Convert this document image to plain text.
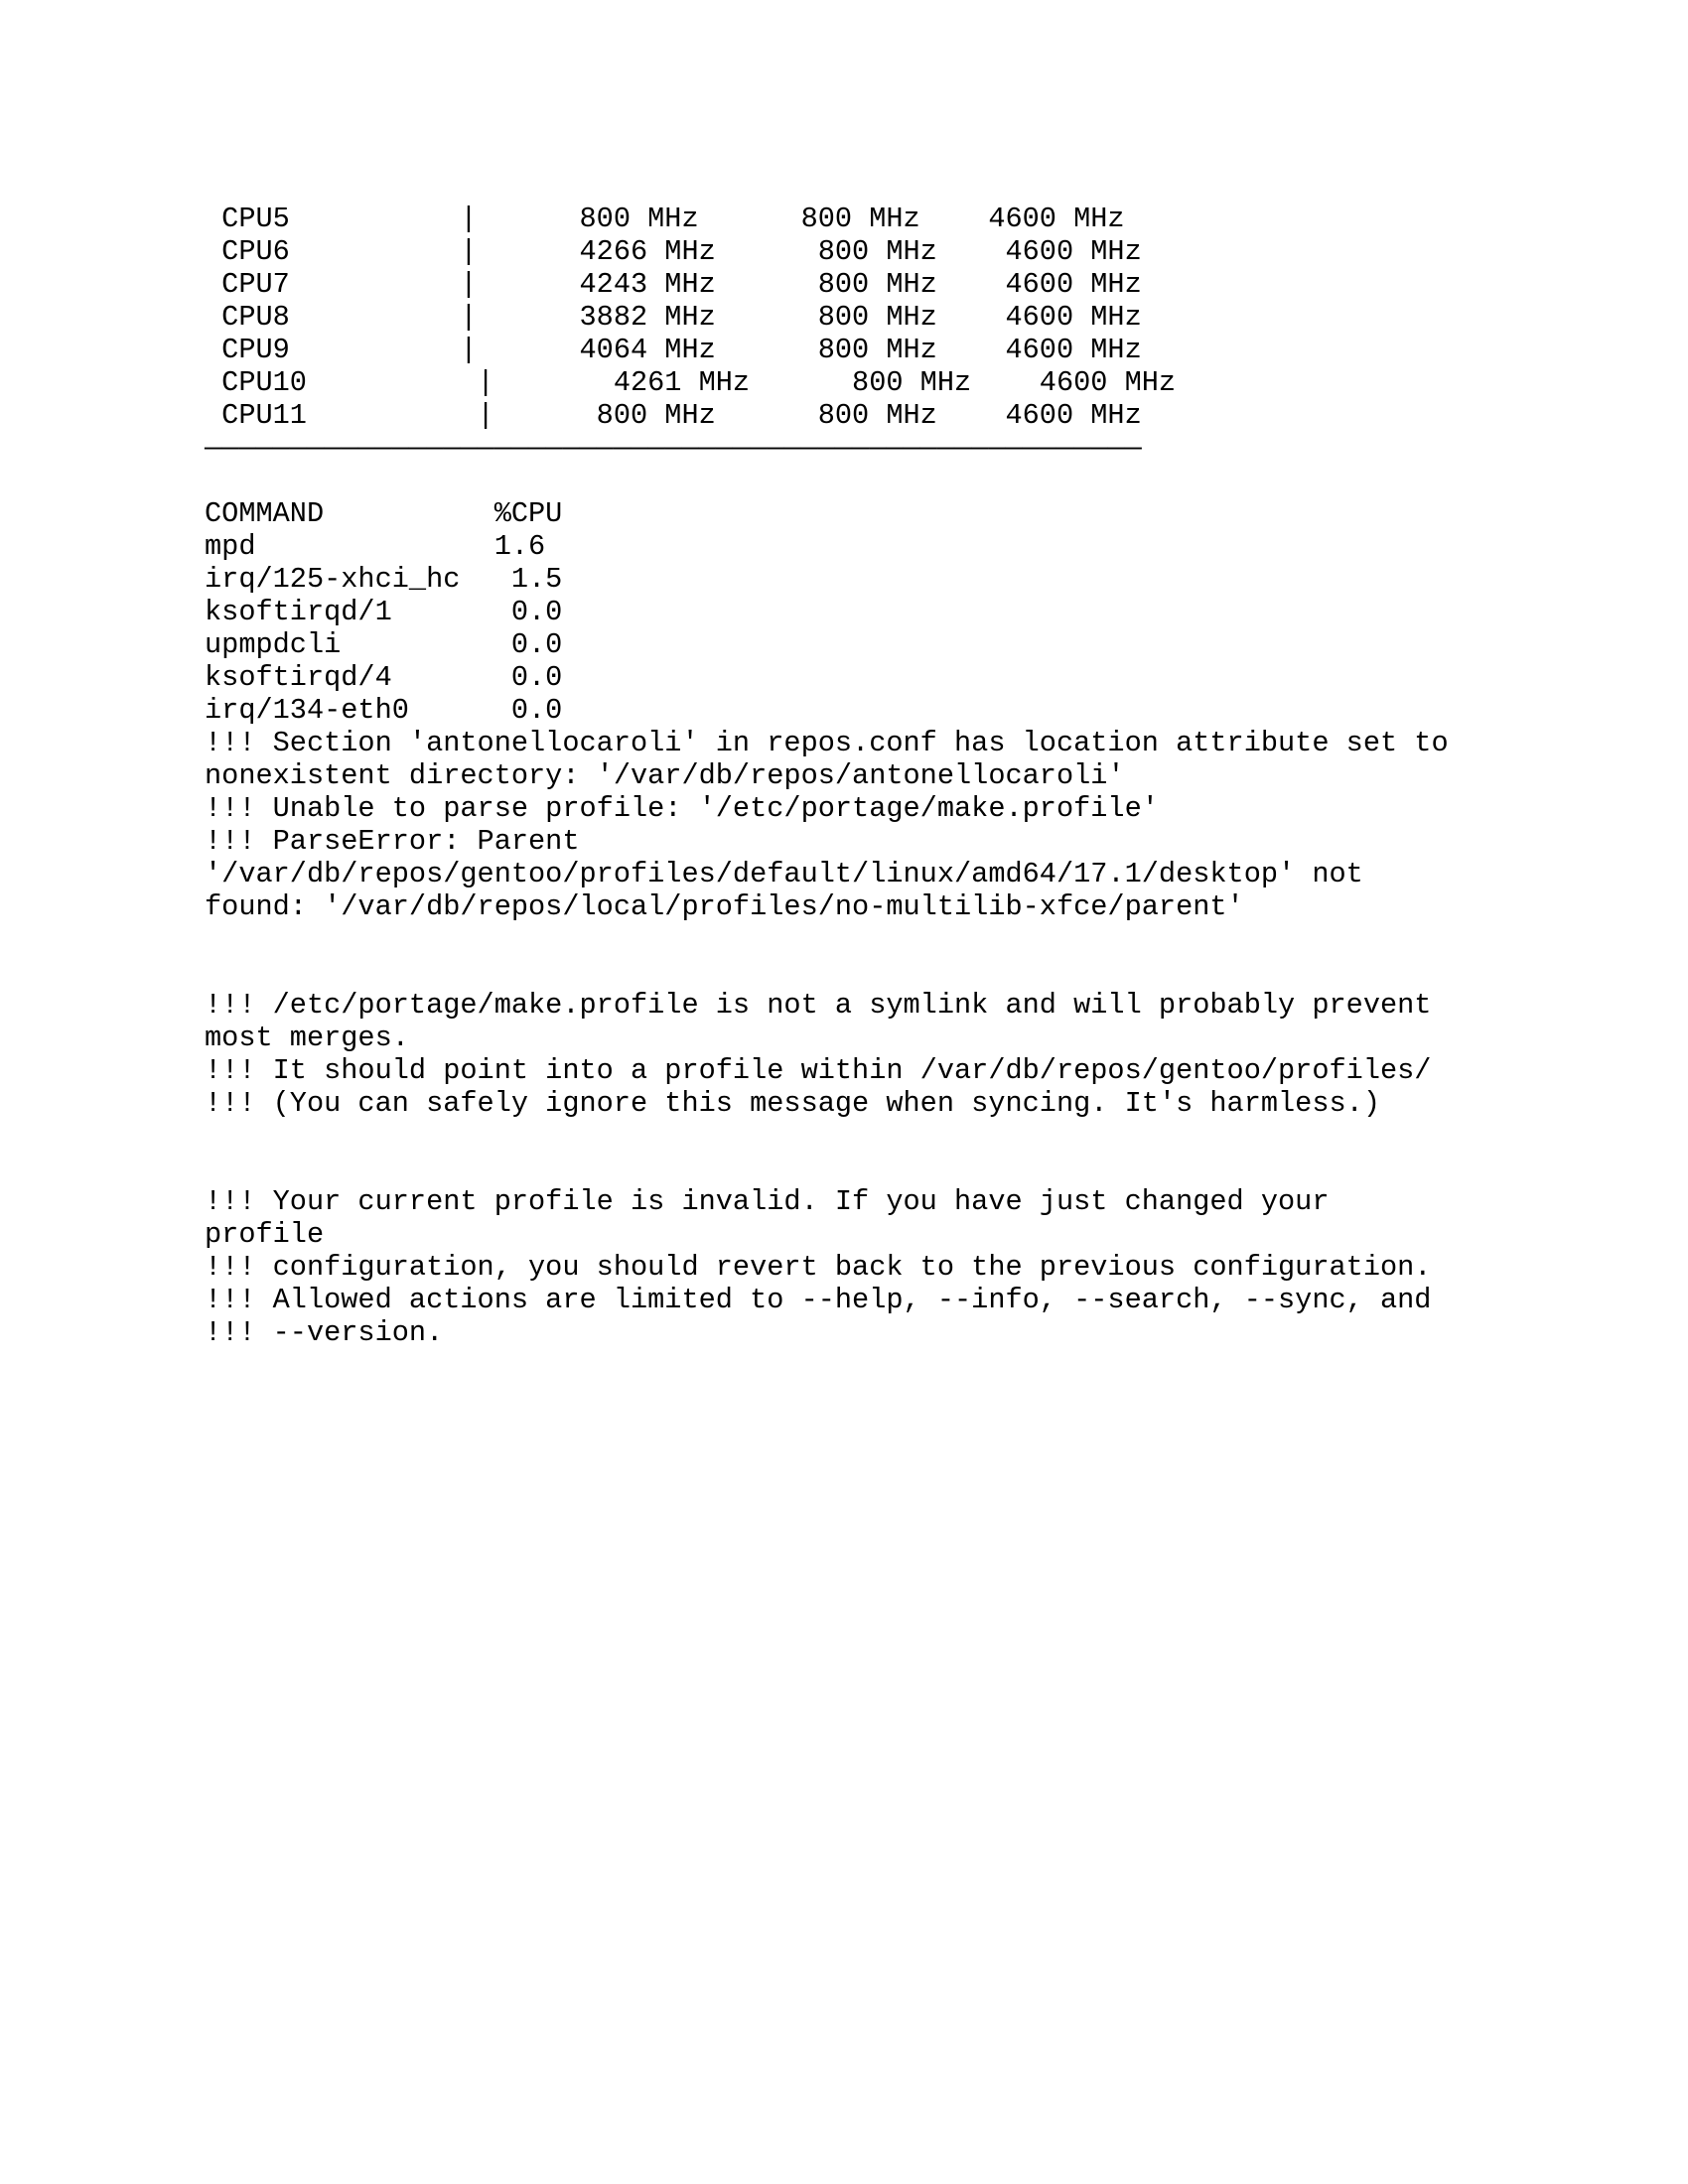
CPU5          |      800 MHz      800 MHz    4600 MHz
CPU6          |      4266 MHz      800 MHz    4600 MHz
CPU7          |      4243 MHz      800 MHz    4600 MHz
CPU8          |      3882 MHz      800 MHz    4600 MHz
CPU9          |      4064 MHz      800 MHz    4600 MHz
CPU10          |       4261 MHz      800 MHz    4600 MHz
CPU11          |      800 MHz      800 MHz    4600 MHz
———————————————————————————————————————————————————————
COMMAND          %CPU
mpd              1.6
irq/125-xhci_hc   1.5
ksoftirqd/1       0.0
upmpdcli          0.0
ksoftirqd/4       0.0
irq/134-eth0      0.0
!!! Section 'antonellocaroli' in repos.conf has location attribute set to
nonexistent directory: '/var/db/repos/antonellocaroli'
!!! Unable to parse profile: '/etc/portage/make.profile'
!!! ParseError: Parent
'/var/db/repos/gentoo/profiles/default/linux/amd64/17.1/desktop' not
found: '/var/db/repos/local/profiles/no-multilib-xfce/parent'
!!! /etc/portage/make.profile is not a symlink and will probably prevent
most merges.
!!! It should point into a profile within /var/db/repos/gentoo/profiles/
!!! (You can safely ignore this message when syncing. It's harmless.)
!!! Your current profile is invalid. If you have just changed your
profile
!!! configuration, you should revert back to the previous configuration.
!!! Allowed actions are limited to --help, --info, --search, --sync, and
!!! --version.
